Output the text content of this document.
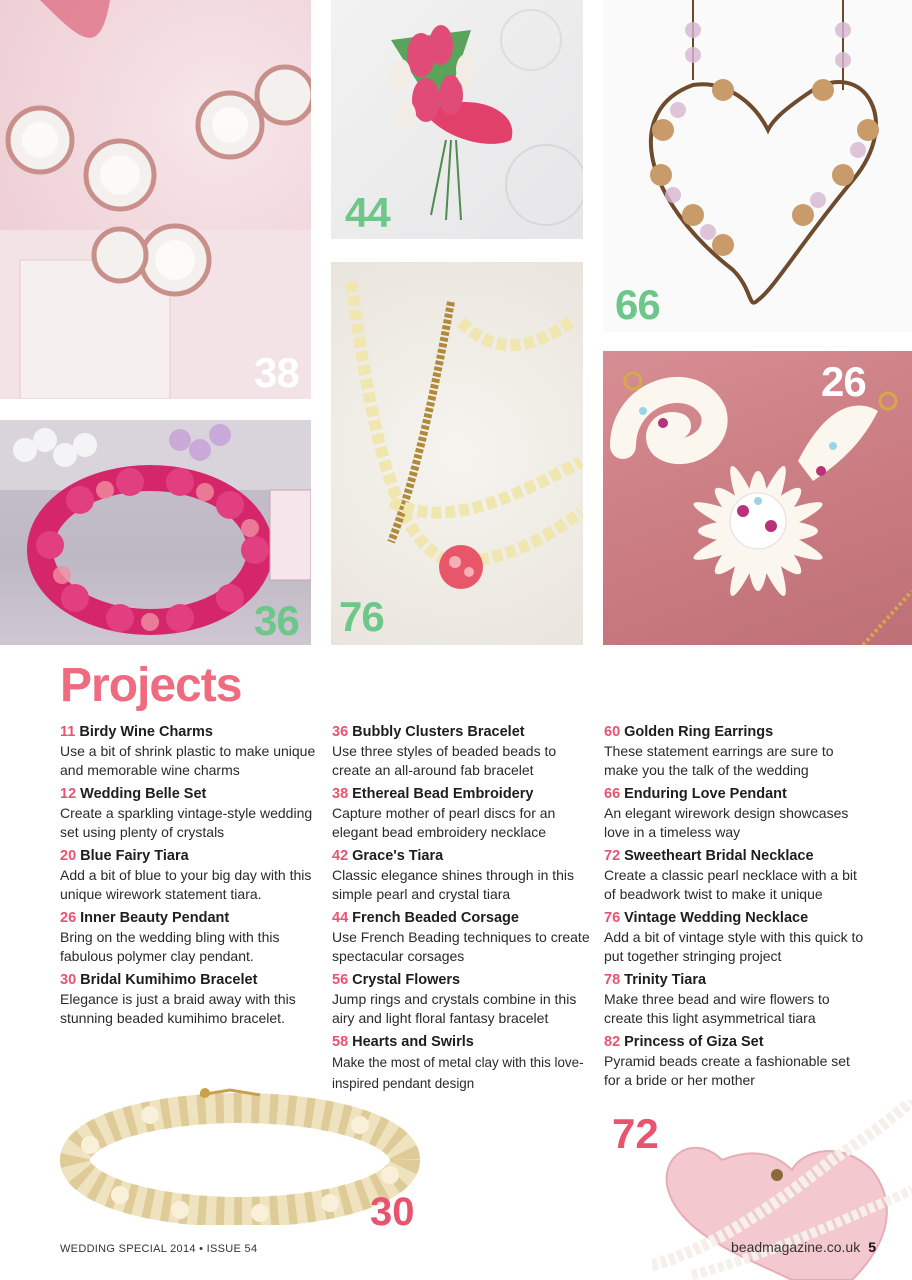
38
44
66
36 76
26
Projects
11 Birdy Wine Charms
Use a bit of shrink plastic to make unique and memorable wine charms
12 Wedding Belle Set
Create a sparkling vintage-style wedding set using plenty of crystals
20 Blue Fairy Tiara
Add a bit of blue to your big day with this unique wirework statement tiara.
26 Inner Beauty Pendant
Bring on the wedding bling with this fabulous polymer clay pendant.
30 Bridal Kumihimo Bracelet
Elegance is just a braid away with this stunning beaded kumihimo bracelet.
36 Bubbly Clusters Bracelet
Use three styles of beaded beads to create an all-around fab bracelet
38 Ethereal Bead Embroidery
Capture mother of pearl discs for an elegant bead embroidery necklace
42 Grace's Tiara
Classic elegance shines through in this simple pearl and crystal tiara
44 French Beaded Corsage
Use French Beading techniques to create spectacular corsages
56 Crystal Flowers
Jump rings and crystals combine in this airy and light floral fantasy bracelet
58 Hearts and Swirls
Make the most of metal clay with this love-inspired pendant design
60 Golden Ring Earrings
These statement earrings are sure to make you the talk of the wedding
66 Enduring Love Pendant
An elegant wirework design showcases love in a timeless way
72 Sweetheart Bridal Necklace
Create a classic pearl necklace with a bit of beadwork twist to make it unique
76 Vintage Wedding Necklace
Add a bit of vintage style with this quick to put together stringing project
78 Trinity Tiara
Make three bead and wire flowers to create this light asymmetrical tiara
82 Princess of Giza Set
Pyramid beads create a fashionable set for a bride or her mother
30
72
WEDDING SPECIAL 2014 • ISSUE 54	beadmagazine.co.uk 5
